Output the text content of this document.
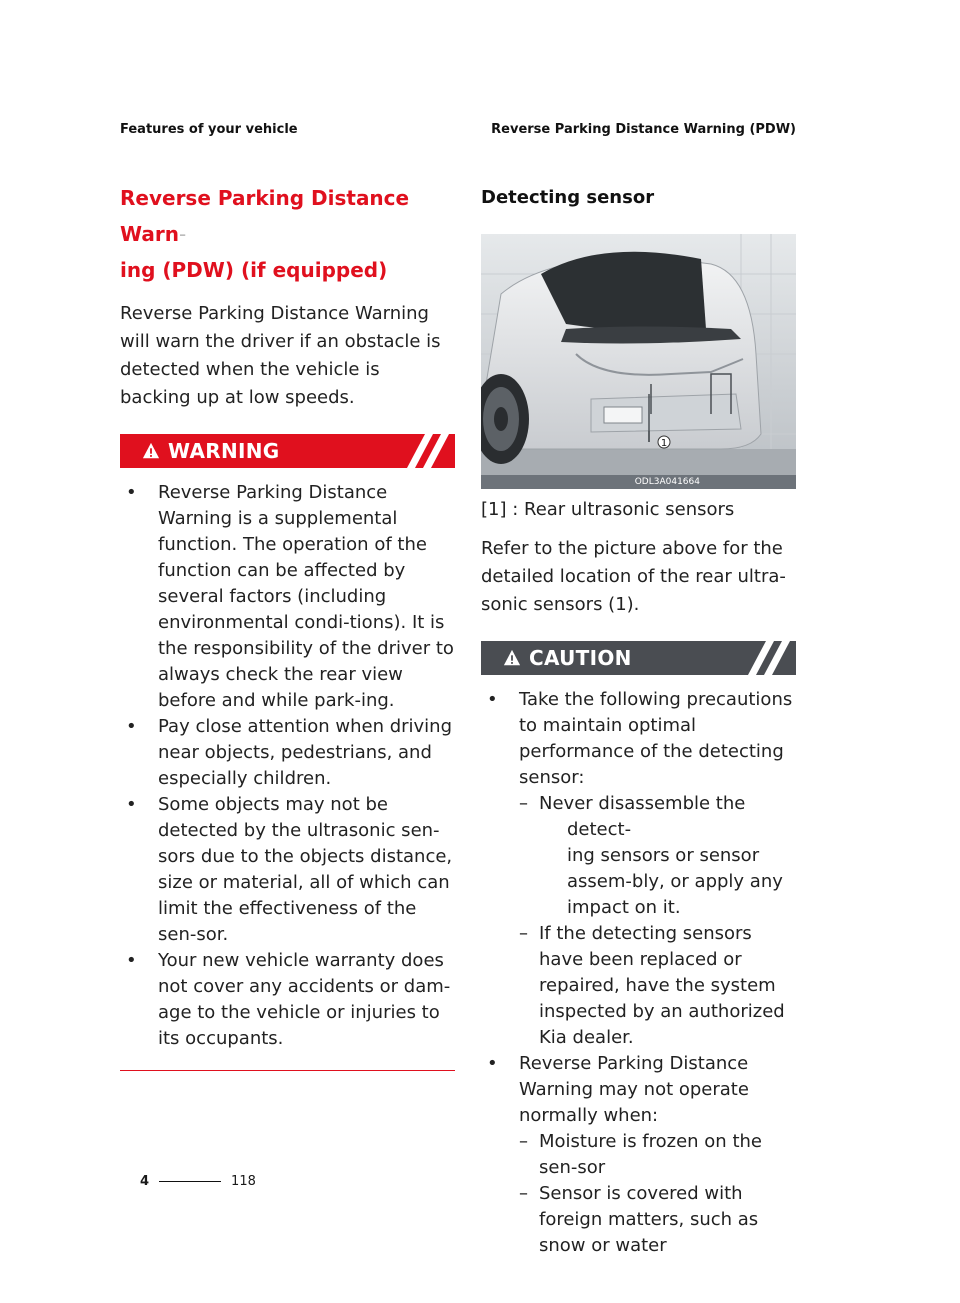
Features of your vehicle	Reverse Parking Distance Warning (PDW)
Reverse Parking Distance Warn-
ing (PDW) (if equipped)

Reverse Parking Distance Warning will warn the driver if an obstacle is detected when the vehicle is backing up at low speeds.

WARNING
• Reverse Parking Distance Warning is a supplemental function. The operation of the function can be affected by several factors (including environmental condi-tions). It is the responsibility of the driver to always check the rear view before and while park-ing.
• Pay close attention when driving near objects, pedestrians, and especially children.
• Some objects may not be detected by the ultrasonic sen-sors due to the objects distance, size or material, all of which can limit the effectiveness of the sen-sor.
• Your new vehicle warranty does not cover any accidents or dam-age to the vehicle or injuries to its occupants.
Detecting sensor
1
ODL3A041664
[1] : Rear ultrasonic sensors

Refer to the picture above for the detailed location of the rear ultra-sonic sensors (1).

CAUTION
• Take the following precautions to maintain optimal performance of the detecting sensor:
– Never disassemble the detect-
ing sensors or sensor assem-bly, or apply any impact on it.
– If the detecting sensors have been replaced or repaired, have the system inspected by an authorized Kia dealer.
• Reverse Parking Distance Warning may not operate normally when:
– Moisture is frozen on the sen-sor
– Sensor is covered with foreign matters, such as snow or water
4	118
